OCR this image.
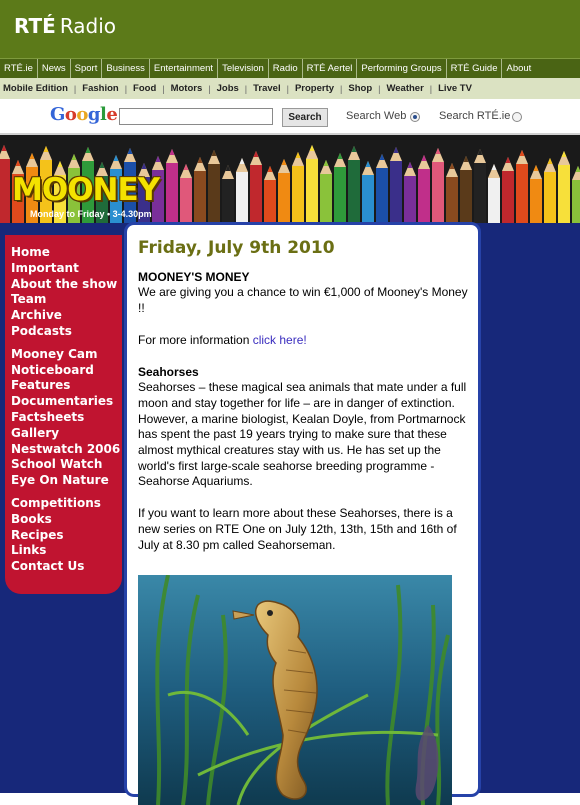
RTÉ Radio
RTÉ.ie News Sport Business Entertainment Television Radio RTÉ Aertel Performing Groups RTÉ Guide About
Mobile Edition | Fashion | Food | Motors | Jobs | Travel | Property | Shop | Weather | Live TV
Google	Search	Search Web	Search RTÉ.ie
MOONEY
Monday to Friday • 3-4.30pm
Home
Important
About the show
Team
Archive
Podcasts
Mooney Cam
Noticeboard
Features
Documentaries
Factsheets
Gallery
Nestwatch 2006
School Watch
Eye On Nature
Competitions
Books
Recipes
Links
Contact Us
Friday, July 9th 2010
MOONEY'S MONEY

We are giving you a chance to win €1,000 of Mooney's Money !!

For more information click here!

Seahorses

Seahorses – these magical sea animals that mate under a full moon and stay together for life – are in danger of extinction. However, a marine biologist, Kealan Doyle, from Portmarnock has spent the past 19 years trying to make sure that these almost mythical creatures stay with us. He has set up the world's first large-scale seahorse breeding programme - Seahorse Aquariums.

If you want to learn more about these Seahorses, there is a new series on RTE One on July 12th, 13th, 15th and 16th of July at 8.30 pm called Seahorseman.
